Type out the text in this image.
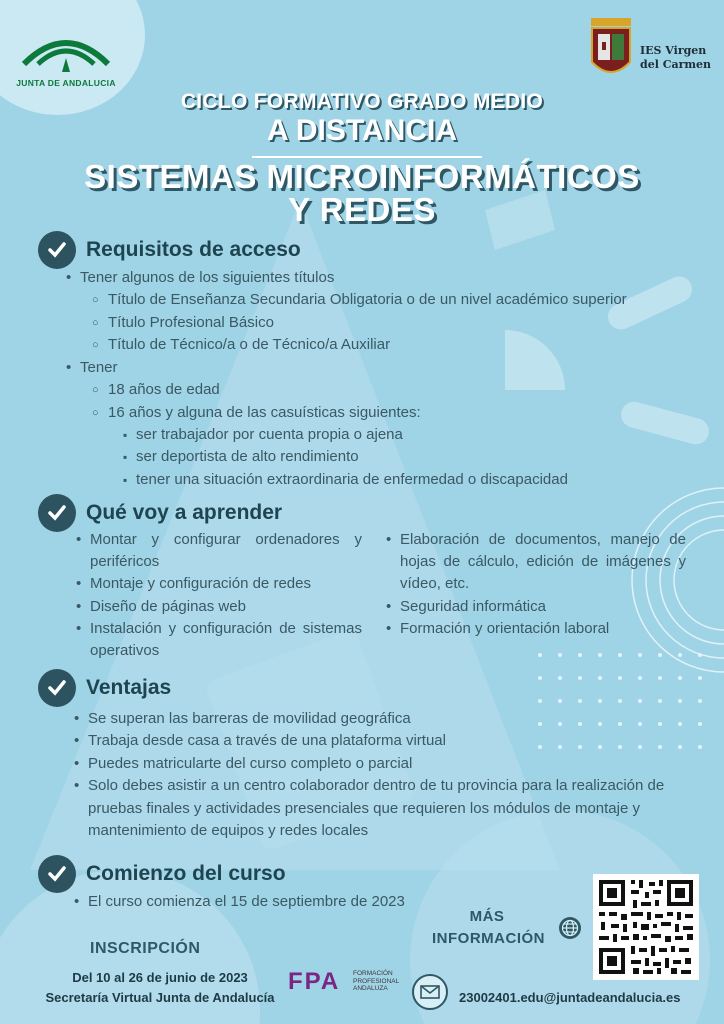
JUNTA DE ANDALUCIA
IES Virgen del Carmen
CICLO FORMATIVO GRADO MEDIO
A DISTANCIA
SISTEMAS MICROINFORMÁTICOS
Y REDES
Requisitos de acceso
• Tener algunos de los siguientes títulos
○ Título de Enseñanza Secundaria Obligatoria o de un nivel académico superior
○ Título Profesional Básico
○ Título de Técnico/a o de Técnico/a Auxiliar
• Tener
○ 18 años de edad
○ 16 años y alguna de las casuísticas siguientes:
▪ ser trabajador por cuenta propia o ajena
▪ ser deportista de alto rendimiento
▪ tener una situación extraordinaria de enfermedad o discapacidad
Qué voy a aprender
• Montar y configurar ordenadores y periféricos
• Montaje y configuración de redes
• Diseño de páginas web
• Instalación y configuración de sistemas operativos
• Elaboración de documentos, manejo de hojas de cálculo, edición de imágenes y vídeo, etc.
• Seguridad informática
• Formación y orientación laboral
Ventajas
• Se superan las barreras de movilidad geográfica
• Trabaja desde casa a través de una plataforma virtual
• Puedes matricularte del curso completo o parcial
• Solo debes asistir a un centro colaborador dentro de tu provincia para la realización de pruebas finales y actividades presenciales que requieren los módulos de montaje y mantenimiento de equipos y redes locales
Comienzo del curso
• El curso comienza el 15 de septiembre de 2023
INSCRIPCIÓN
Del 10 al 26 de junio de 2023
Secretaría Virtual Junta de Andalucía
FPA FORMACIÓN PROFESIONAL ANDALUZA
MÁS INFORMACIÓN
23002401.edu@juntadeandalucia.es
